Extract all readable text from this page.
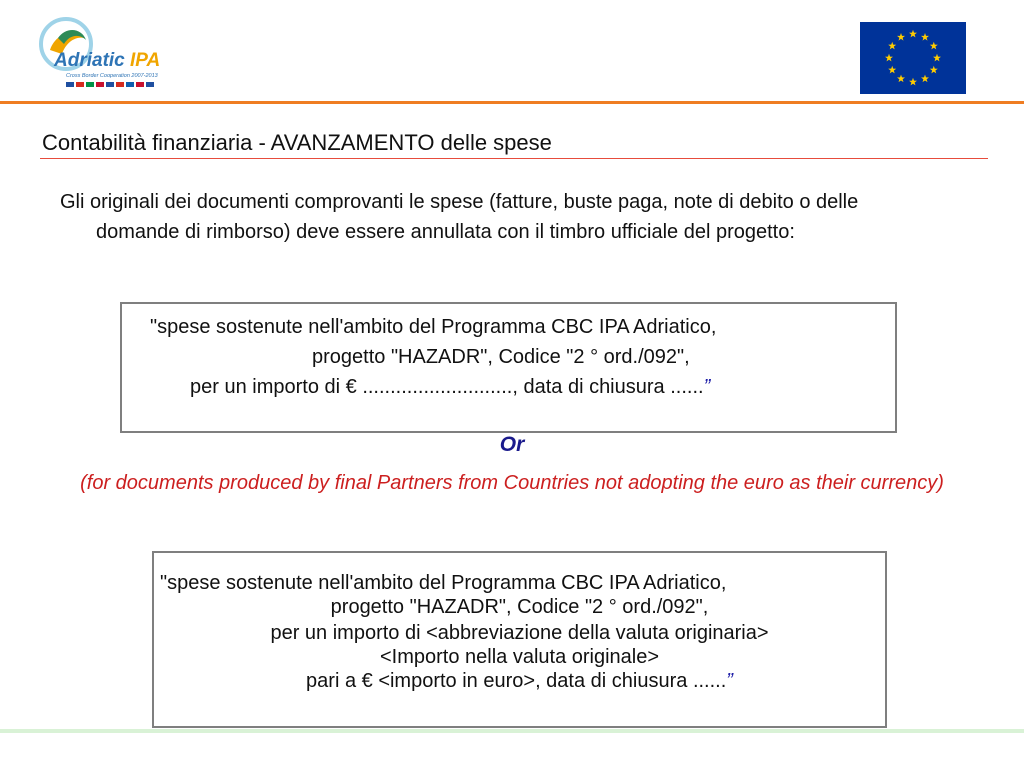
Adriatic IPA
Cross Border Cooperation 2007-2013
Contabilità finanziaria - AVANZAMENTO delle spese

Gli originali dei documenti comprovanti le spese (fatture, buste paga, note di debito o delle domande di rimborso) deve essere annullata con il timbro ufficiale del progetto:

"spese sostenute nell'ambito del Programma CBC IPA Adriatico,
progetto "HAZADR", Codice "2 ° ord./092",
per un importo di € ..........................., data di chiusura ......”
Or
(for documents produced by final Partners from Countries not adopting the euro as their currency)
"spese sostenute nell'ambito del Programma CBC IPA Adriatico,
progetto "HAZADR", Codice "2 ° ord./092",
per un importo di <abbreviazione della valuta originaria>
<Importo nella valuta originale>
pari a € <importo in euro>, data di chiusura ......”
